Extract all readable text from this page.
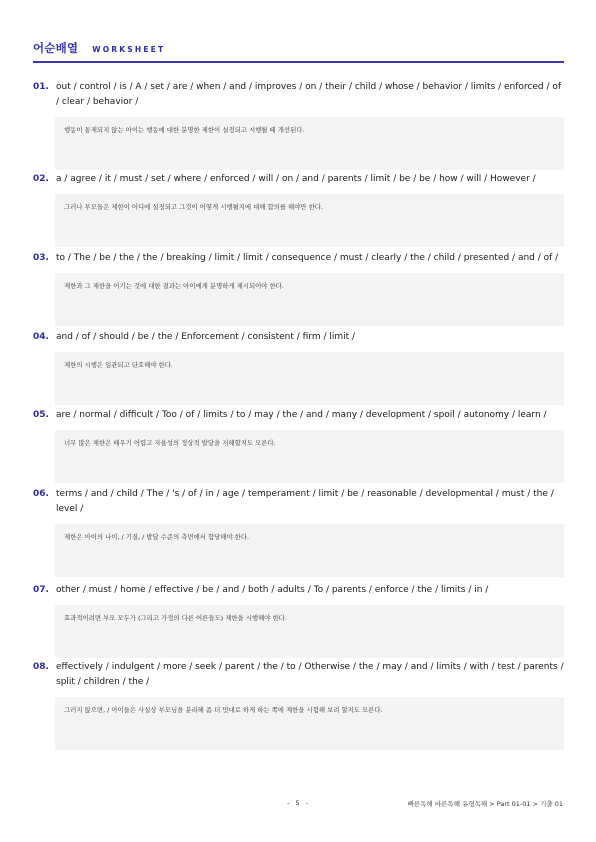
어순배열 WORKSHEET
01. out / control / is / A / set / are / when / and / improves / on / their / child / whose / behavior / limits / enforced / of / clear / behavior /
행동이 통제되지 않는 아이는 행동에 대한 분명한 제한이 설정되고 시행될 때 개선된다.
02. a / agree / it / must / set / where / enforced / will / on / and / parents / limit / be / be / how / will / However /
그러나 부모들은 제한이 어디에 설정되고 그것이 어떻게 시행될지에 대해 합의를 해야만 한다.
03. to / The / be / the / the / breaking / limit / limit / consequence / must / clearly / the / child / presented / and / of /
제한과 그 제한을 어기는 것에 대한 결과는 아이에게 분명하게 제시되어야 한다.
04. and / of / should / be / the / Enforcement / consistent / firm / limit /
제한의 시행은 일관되고 단호해야 한다.
05. are / normal / difficult / Too / of / limits / to / may / the / and / many / development / spoil / autonomy / learn /
너무 많은 제한은 배우기 어렵고 자율성의 정상적 발달을 저해할지도 모른다.
06. terms / and / child / The / 's / of / in / age / temperament / limit / be / reasonable / developmental / must / the / level /
제한은 아이의 나이, / 기질, / 발달 수준의 측면에서 합당해야 한다.
07. other / must / home / effective / be / and / both / adults / To / parents / enforce / the / limits / in /
효과적이려면 부모 모두가 (그리고 가정의 다른 어른들도) 제한을 시행해야 한다.
08. effectively / indulgent / more / seek / parent / the / to / Otherwise / the / may / and / limits / with / test / parents / split / children / the /
그러지 않으면, / 아이들은 사실상 부모님을 분리해 좀 더 멋대로 하게 하는 쪽에 제한을 시험해 보려 할지도 모른다.
- 5 -	빠른독해 바른독해 유형독해 > Part 01-01 > 기출 01
